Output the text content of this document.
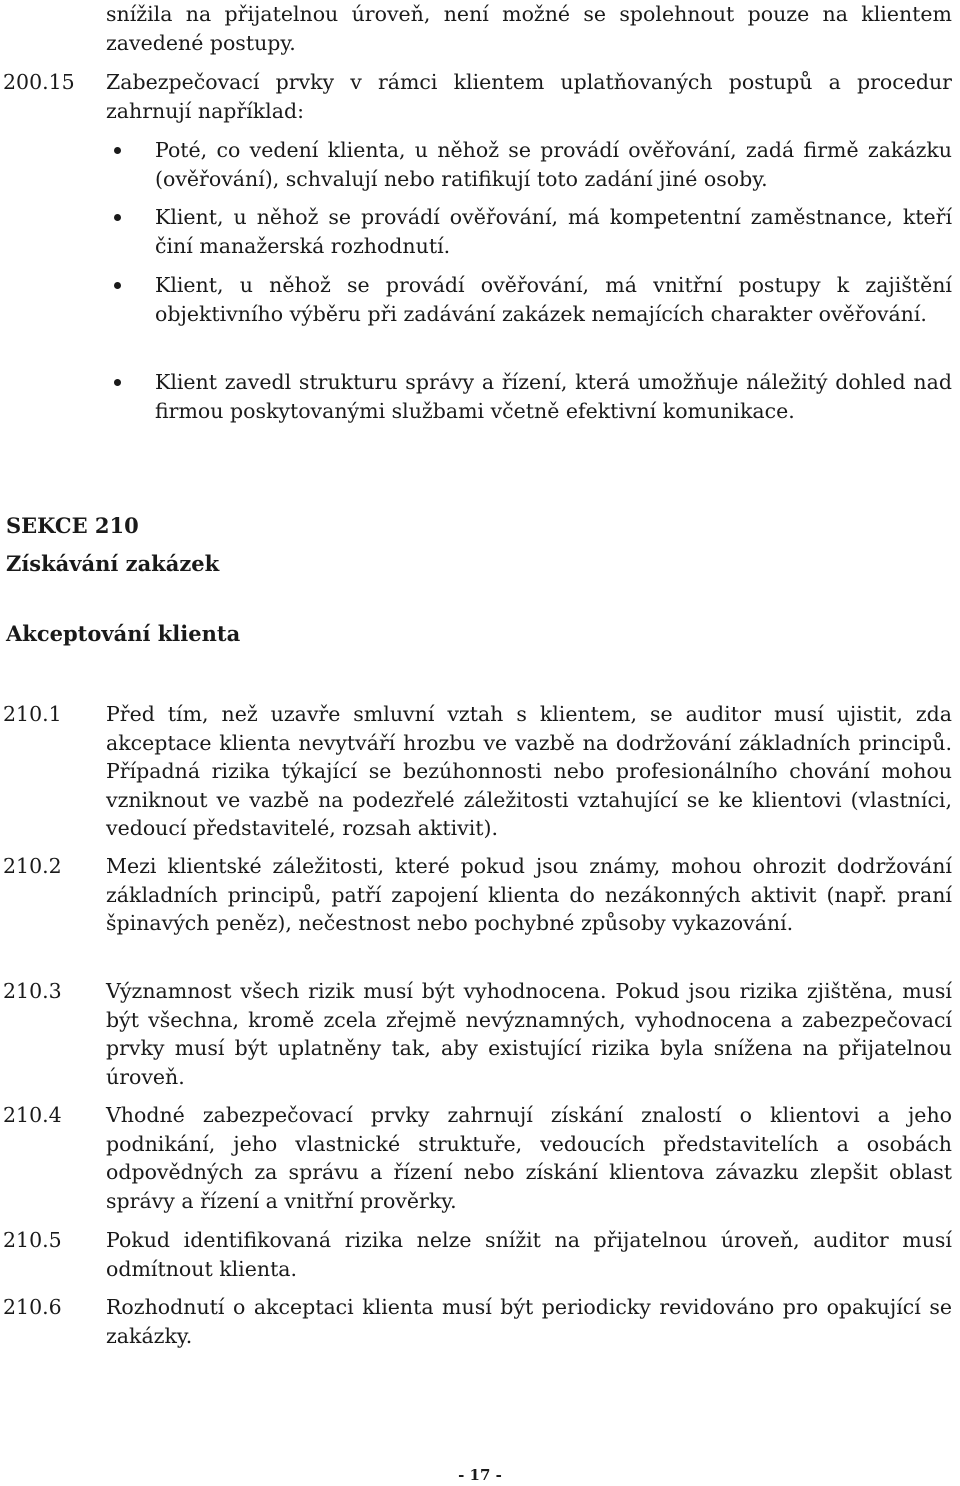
snížila na přijatelnou úroveň, není možné se spolehnout pouze na klientem zavedené postupy.
200.15 Zabezpečovací prvky v rámci klientem uplatňovaných postupů a procedur zahrnují například:
Poté, co vedení klienta, u něhož se provádí ověřování, zadá firmě zakázku (ověřování), schvalují nebo ratifikují toto zadání jiné osoby.
Klient, u něhož se provádí ověřování, má kompetentní zaměstnance, kteří činí manažerská rozhodnutí.
Klient, u něhož se provádí ověřování, má vnitřní postupy k zajištění objektivního výběru při zadávání zakázek nemajících charakter ověřování.
Klient zavedl strukturu správy a řízení, která umožňuje náležitý dohled nad firmou poskytovanými službami včetně efektivní komunikace.
SEKCE 210
Získávání zakázek
Akceptování klienta
210.1 Před tím, než uzavře smluvní vztah s klientem, se auditor musí ujistit, zda akceptace klienta nevytváří hrozbu ve vazbě na dodržování základních principů. Případná rizika týkající se bezúhonnosti nebo profesionálního chování mohou vzniknout ve vazbě na podezřelé záležitosti vztahující se ke klientovi (vlastníci, vedoucí představitelé, rozsah aktivit).
210.2 Mezi klientské záležitosti, které pokud jsou známy, mohou ohrozit dodržování základních principů, patří zapojení klienta do nezákonných aktivit (např. praní špinavých peněz), nečestnost nebo pochybné způsoby vykazování.
210.3 Významnost všech rizik musí být vyhodnocena. Pokud jsou rizika zjištěna, musí být všechna, kromě zcela zřejmě nevýznamných, vyhodnocena a zabezpečovací prvky musí být uplatněny tak, aby existující rizika byla snížena na přijatelnou úroveň.
210.4 Vhodné zabezpečovací prvky zahrnují získání znalostí o klientovi a jeho podnikání, jeho vlastnické struktuře, vedoucích představitelích a osobách odpovědných za správu a řízení nebo získání klientova závazku zlepšit oblast správy a řízení a vnitřní prověrky.
210.5 Pokud identifikovaná rizika nelze snížit na přijatelnou úroveň, auditor musí odmítnout klienta.
210.6 Rozhodnutí o akceptaci klienta musí být periodicky revidováno pro opakující se zakázky.
- 17 -
